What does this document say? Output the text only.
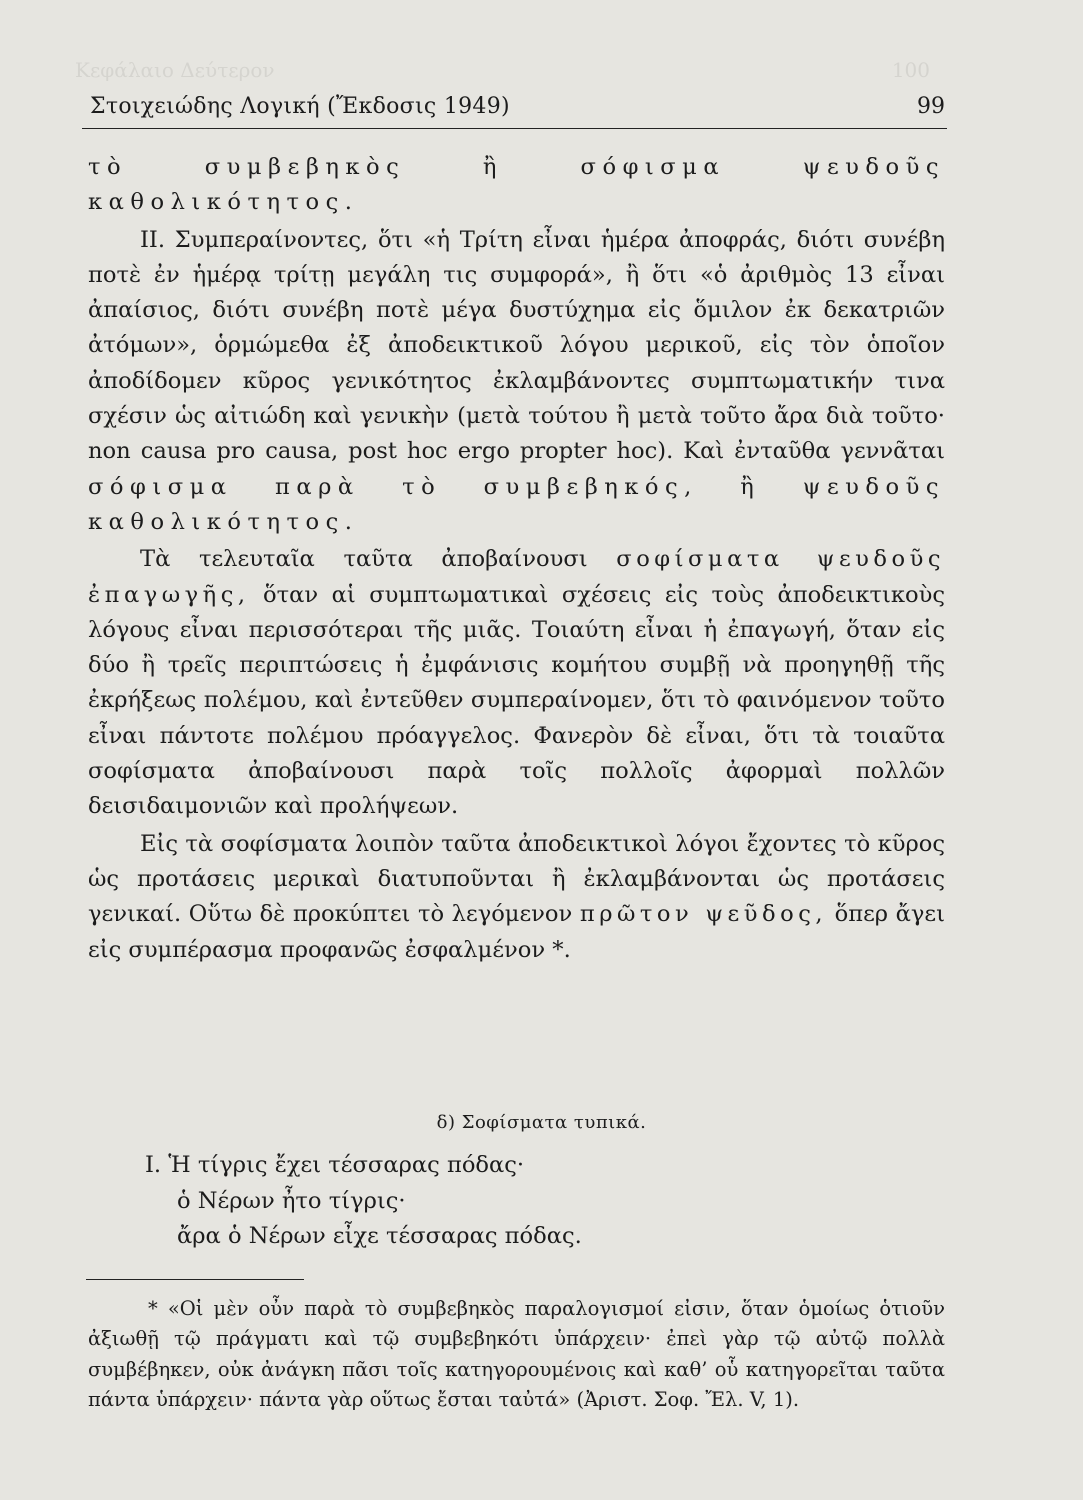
Κεφάλαιο Δεύτερον	100
Στοιχειώδης Λογική (Ἔκδοσις 1949)	99

τὸ συμβεβηκὸς ἢ σόφισμα ψευδοῦς καθολικότητος.

II. Συμπεραίνοντες, ὅτι «ἡ Τρίτη εἶναι ἡμέρα ἀποφράς, διότι συνέβη ποτὲ ἐν ἡμέρᾳ τρίτῃ μεγάλη τις συμφορά», ἢ ὅτι «ὁ ἀριθμὸς 13 εἶναι ἀπαίσιος, διότι συνέβη ποτὲ μέγα δυστύχημα εἰς ὅμιλον ἐκ δεκατριῶν ἀτόμων», ὁρμώμεθα ἐξ ἀποδεικτικοῦ λόγου μερικοῦ, εἰς τὸν ὁποῖον ἀποδίδομεν κῦρος γενικότητος ἐκλαμβάνοντες συμπτωματικήν τινα σχέσιν ὡς αἰτιώδη καὶ γενικὴν (μετὰ τούτου ἢ μετὰ τοῦτο ἄρα διὰ τοῦτο· non causa pro causa, post hoc ergo propter hoc). Καὶ ἐνταῦθα γεννᾶται σόφισμα παρὰ τὸ συμβεβηκός, ἢ ψευδοῦς καθολικότητος.

Τὰ τελευταῖα ταῦτα ἀποβαίνουσι σοφίσματα ψευδοῦς ἐπαγωγῆς, ὅταν αἱ συμπτωματικαὶ σχέσεις εἰς τοὺς ἀποδεικτικοὺς λόγους εἶναι περισσότεραι τῆς μιᾶς. Τοιαύτη εἶναι ἡ ἐπαγωγή, ὅταν εἰς δύο ἢ τρεῖς περιπτώσεις ἡ ἐμφάνισις κομήτου συμβῇ νὰ προηγηθῇ τῆς ἐκρήξεως πολέμου, καὶ ἐντεῦθεν συμπεραίνομεν, ὅτι τὸ φαινόμενον τοῦτο εἶναι πάντοτε πολέμου πρόαγγελος. Φανερὸν δὲ εἶναι, ὅτι τὰ τοιαῦτα σοφίσματα ἀποβαίνουσι παρὰ τοῖς πολλοῖς ἀφορμαὶ πολλῶν δεισιδαιμονιῶν καὶ προλήψεων.

Εἰς τὰ σοφίσματα λοιπὸν ταῦτα ἀποδεικτικοὶ λόγοι ἔχοντες τὸ κῦρος ὡς προτάσεις μερικαὶ διατυποῦνται ἢ ἐκλαμβάνονται ὡς προτάσεις γενικαί. Οὕτω δὲ προκύπτει τὸ λεγόμενον πρῶτον ψεῦδος, ὅπερ ἄγει εἰς συμπέρασμα προφανῶς ἐσφαλμένον *.

δ) Σοφίσματα τυπικά.
I. Ἡ τίγρις ἔχει τέσσαρας πόδας·
ὁ Νέρων ἦτο τίγρις·
ἄρα ὁ Νέρων εἶχε τέσσαρας πόδας.

* «Οἱ μὲν οὖν παρὰ τὸ συμβεβηκὸς παραλογισμοί εἰσιν, ὅταν ὁμοίως ὁτιοῦν ἀξιωθῇ τῷ πράγματι καὶ τῷ συμβεβηκότι ὑπάρχειν· ἐπεὶ γὰρ τῷ αὐτῷ πολλὰ συμβέβηκεν, οὐκ ἀνάγκη πᾶσι τοῖς κατηγορουμένοις καὶ καθ’ οὗ κατηγορεῖται ταῦτα πάντα ὑπάρχειν· πάντα γὰρ οὕτως ἔσται ταὐτά» (Ἀριστ. Σοφ. Ἔλ. V, 1).
